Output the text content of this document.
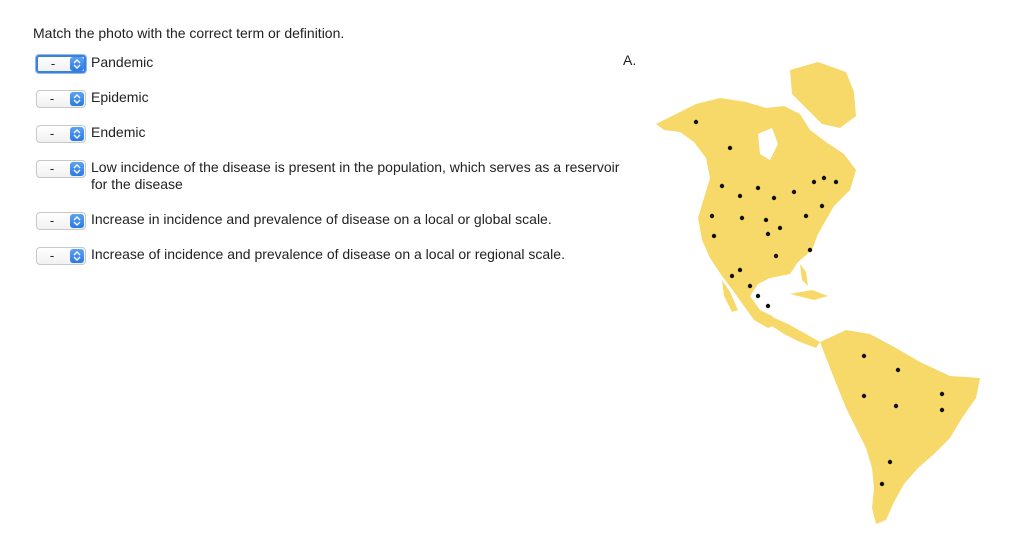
Match the photo with the correct term or definition.
-	Pandemic
-	Epidemic
-	Endemic
-	Low incidence of the disease is present in the population, which serves as a reservoir for the disease
-	Increase in incidence and prevalence of disease on a local or global scale.
-	Increase of incidence and prevalence of disease on a local or regional scale.
A.
